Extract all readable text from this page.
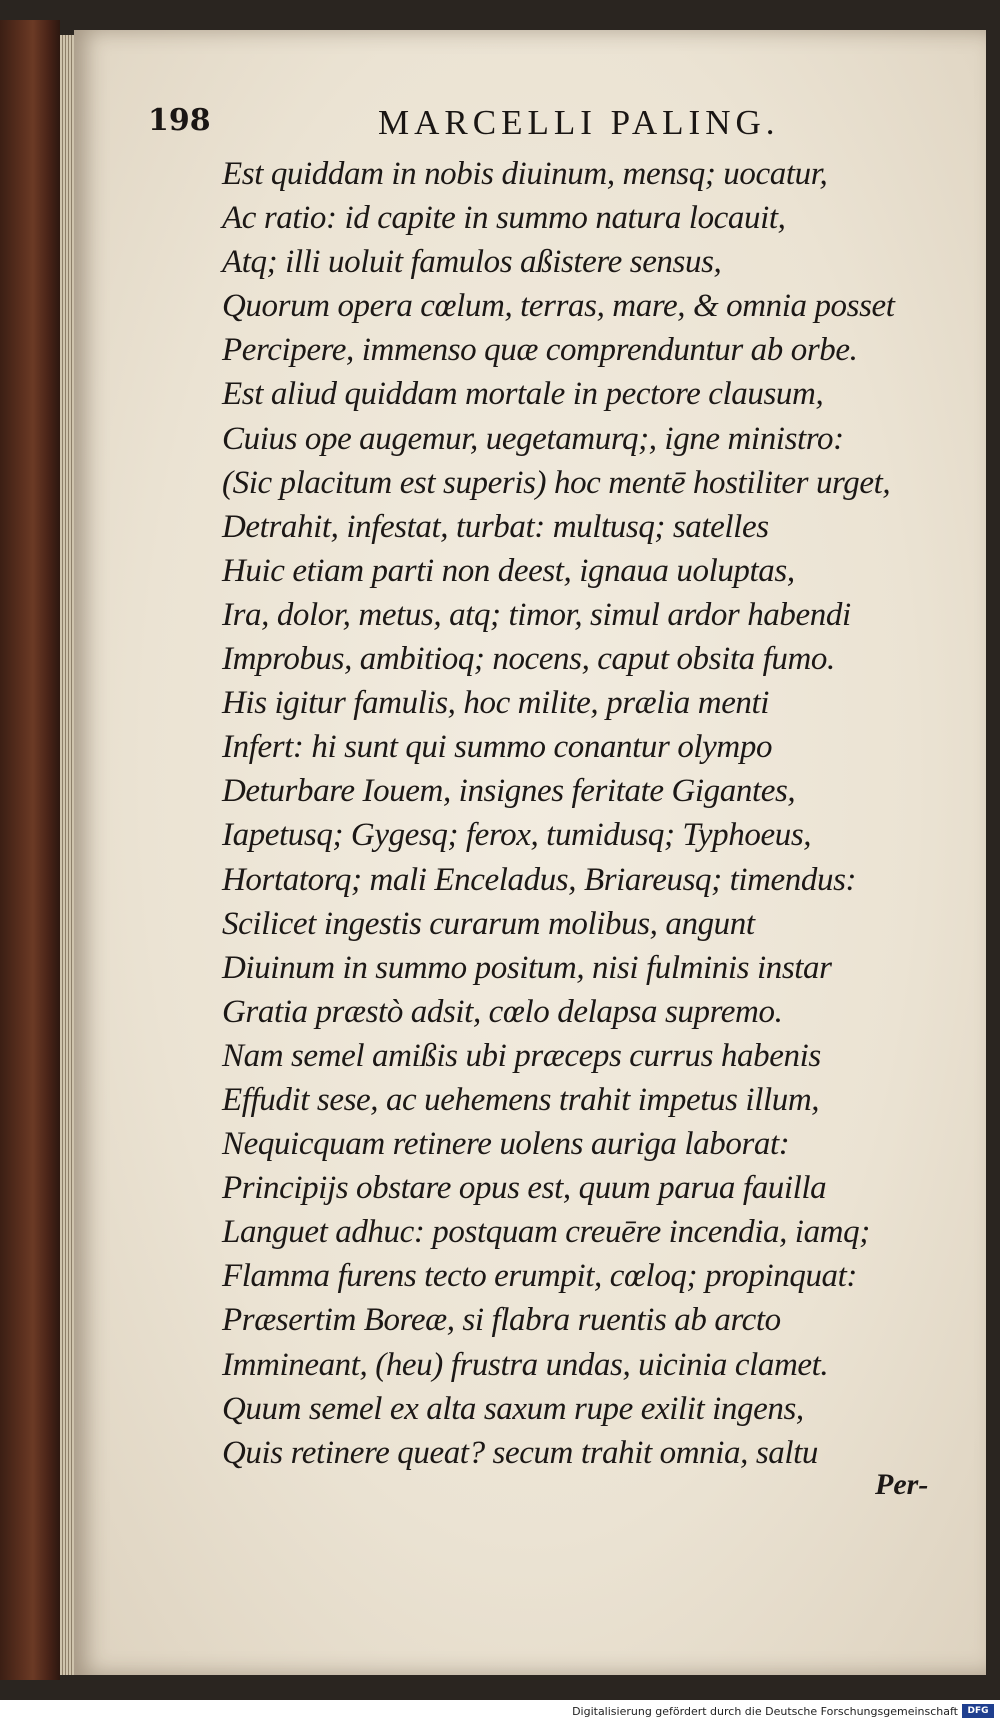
198	MARCELLI PALING.
Est quiddam in nobis diuinum, mensq; uocatur,
Ac ratio: id capite in summo natura locauit,
Atq; illi uoluit famulos aßistere sensus,
Quorum opera cœlum, terras, mare, & omnia posset
Percipere, immenso quæ comprenduntur ab orbe.
Est aliud quiddam mortale in pectore clausum,
Cuius ope augemur, uegetamurq;, igne ministro:
(Sic placitum est superis) hoc mentē hostiliter urget,
Detrahit, infestat, turbat: multusq; satelles
Huic etiam parti non deest, ignaua uoluptas,
Ira, dolor, metus, atq; timor, simul ardor habendi
Improbus, ambitioq; nocens, caput obsita fumo.
His igitur famulis, hoc milite, prælia menti
Infert: hi sunt qui summo conantur olympo
Deturbare Iouem, insignes feritate Gigantes,
Iapetusq; Gygesq; ferox, tumidusq; Typhoeus,
Hortatorq; mali Enceladus, Briareusq; timendus:
Scilicet ingestis curarum molibus, angunt
Diuinum in summo positum, nisi fulminis instar
Gratia præstò adsit, cœlo delapsa supremo.
Nam semel amißis ubi præceps currus habenis
Effudit sese, ac uehemens trahit impetus illum,
Nequicquam retinere uolens auriga laborat:
Principijs obstare opus est, quum parua fauilla
Languet adhuc: postquam creuēre incendia, iamq;
Flamma furens tecto erumpit, cœloq; propinquat:
Præsertim Boreæ, si flabra ruentis ab arcto
Immineant, (heu) frustra undas, uicinia clamet.
Quum semel ex alta saxum rupe exilit ingens,
Quis retinere queat? secum trahit omnia, saltu
Per-
Digitalisierung gefördert durch die Deutsche Forschungsgemeinschaft	DFG
